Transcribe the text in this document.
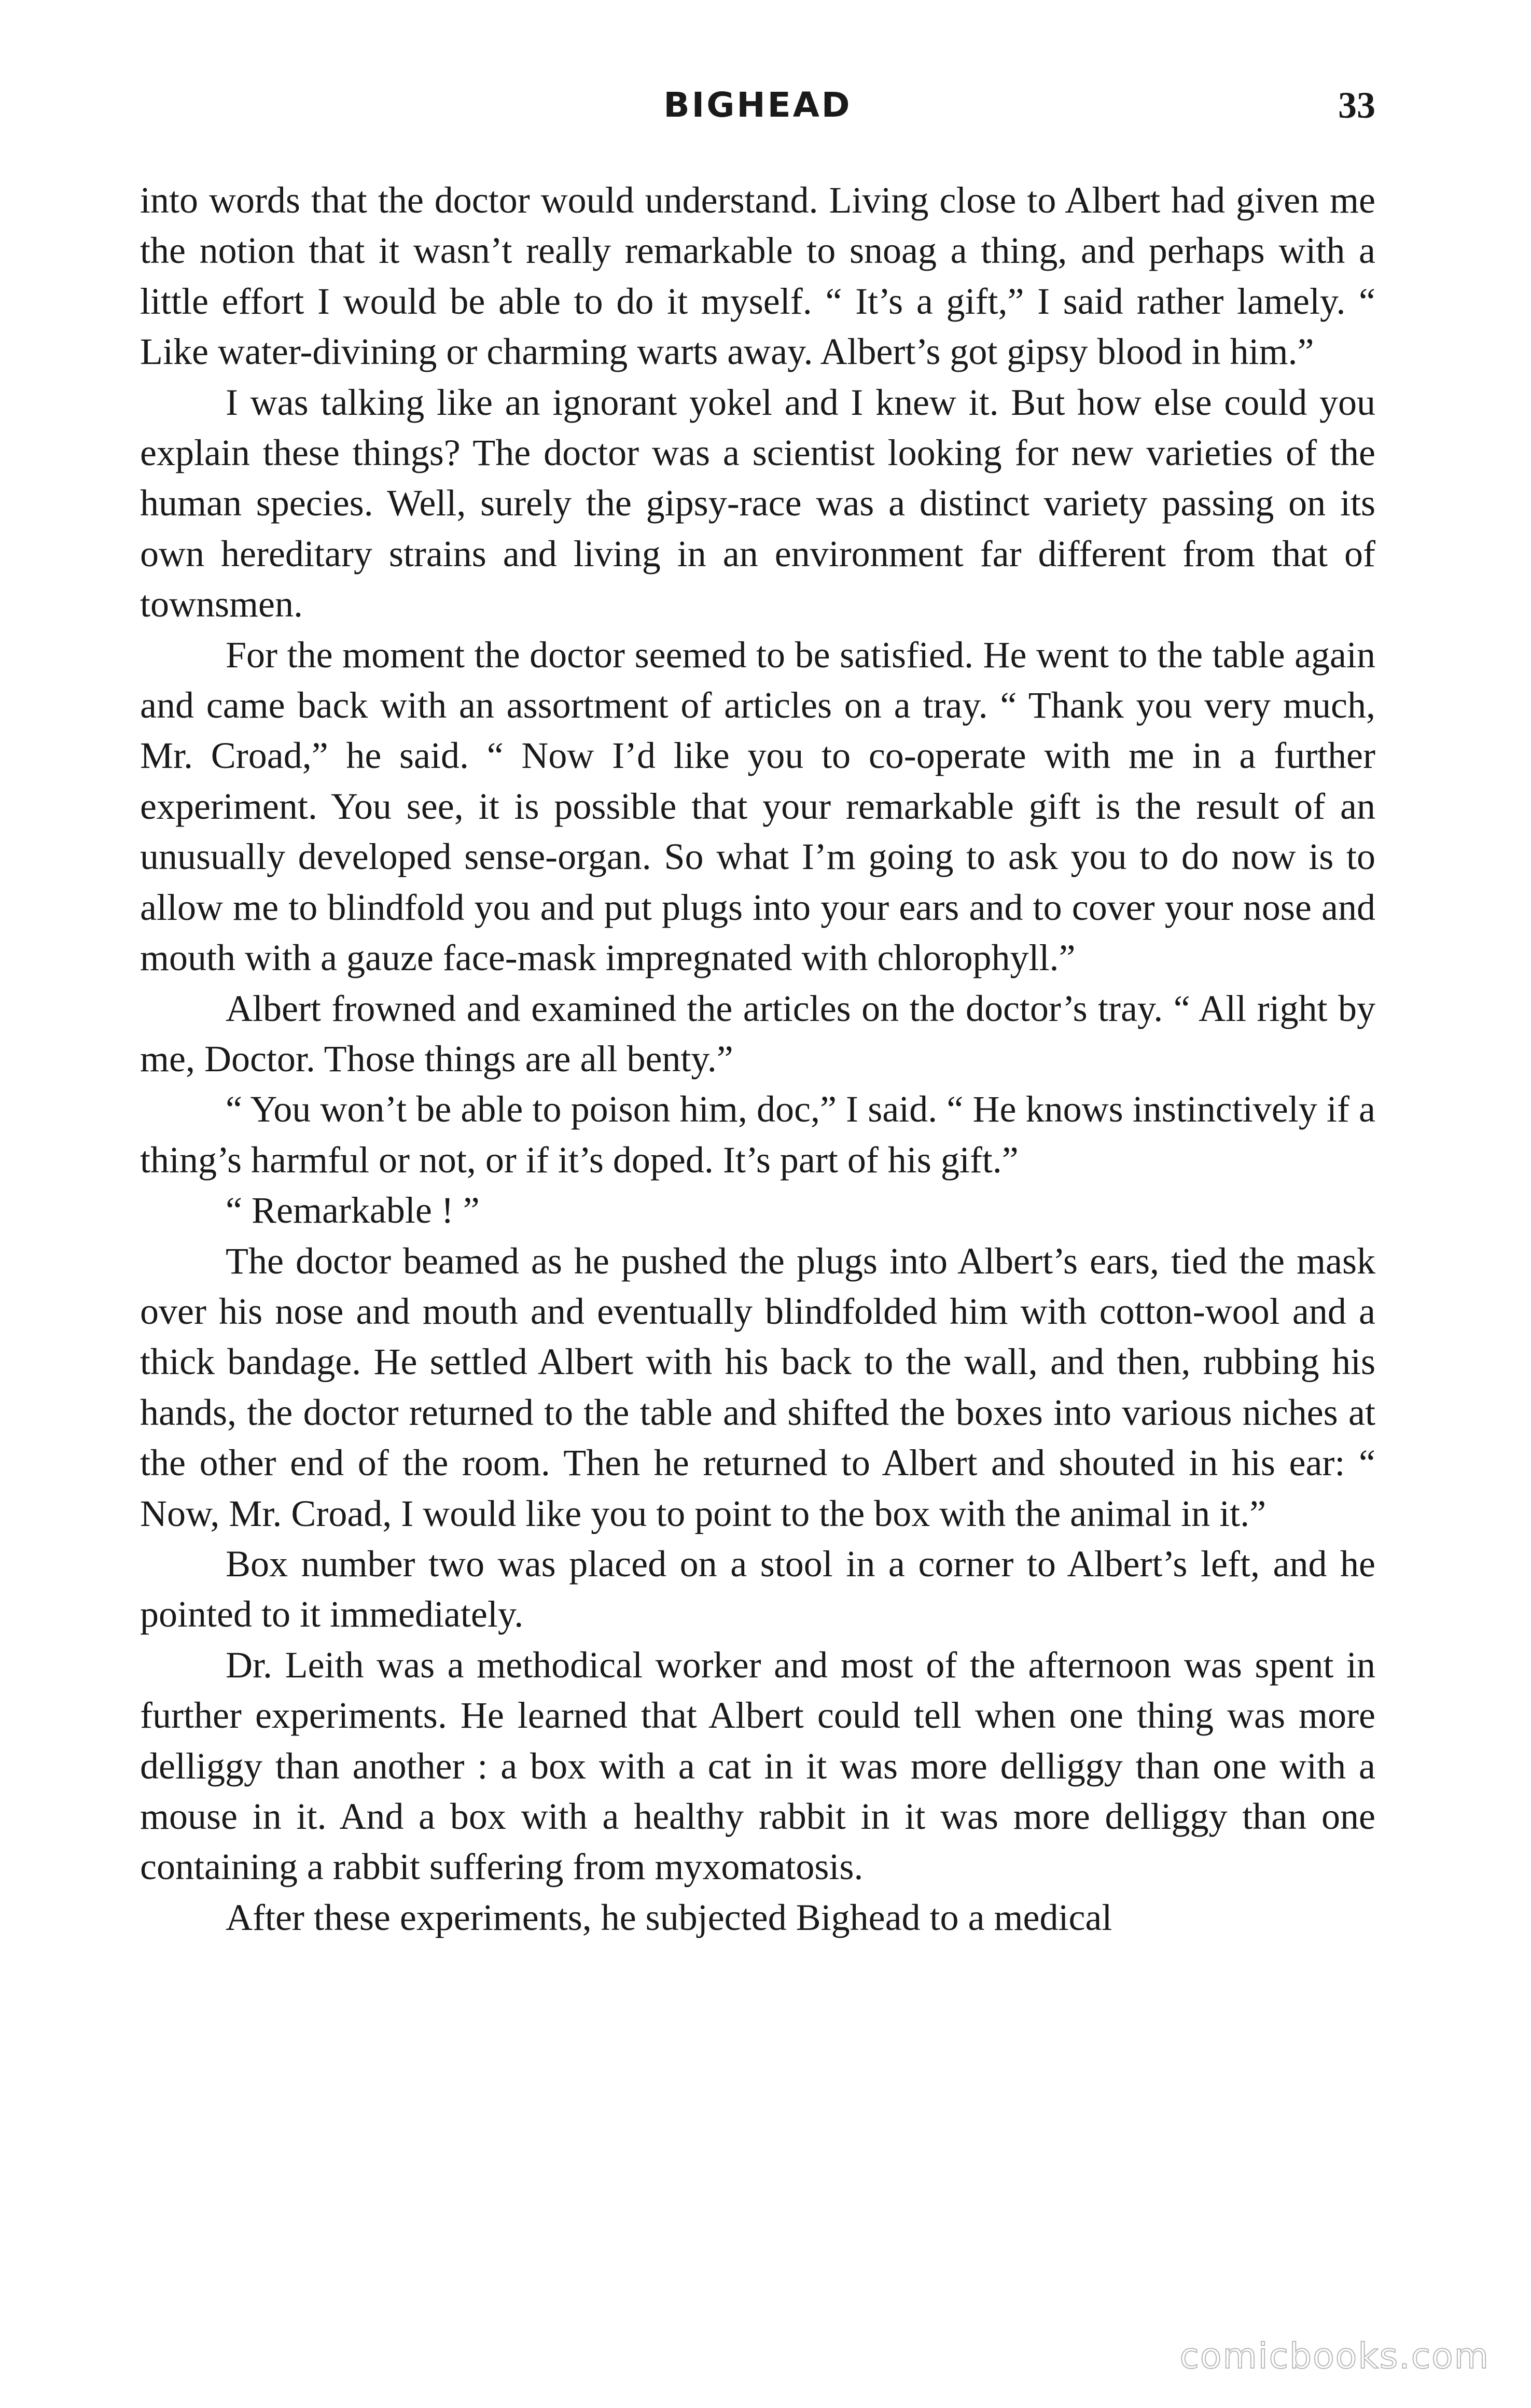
BIGHEAD	33

into words that the doctor would understand. Living close to Albert had given me the notion that it wasn’t really remarkable to snoag a thing, and perhaps with a little effort I would be able to do it myself. “ It’s a gift,” I said rather lamely. “ Like water-divining or charming warts away. Albert’s got gipsy blood in him.”

I was talking like an ignorant yokel and I knew it. But how else could you explain these things? The doctor was a scientist looking for new varieties of the human species. Well, surely the gipsy-race was a distinct variety passing on its own hereditary strains and living in an environment far different from that of townsmen.

For the moment the doctor seemed to be satisfied. He went to the table again and came back with an assortment of articles on a tray. “ Thank you very much, Mr. Croad,” he said. “ Now I’d like you to co-operate with me in a further experiment. You see, it is possible that your remarkable gift is the result of an unusually developed sense-organ. So what I’m going to ask you to do now is to allow me to blindfold you and put plugs into your ears and to cover your nose and mouth with a gauze face-mask impregnated with chlorophyll.”

Albert frowned and examined the articles on the doctor’s tray. “ All right by me, Doctor. Those things are all benty.”

“ You won’t be able to poison him, doc,” I said. “ He knows instinctively if a thing’s harmful or not, or if it’s doped. It’s part of his gift.”

“ Remarkable ! ”

The doctor beamed as he pushed the plugs into Albert’s ears, tied the mask over his nose and mouth and eventually blindfolded him with cotton-wool and a thick bandage. He settled Albert with his back to the wall, and then, rubbing his hands, the doctor returned to the table and shifted the boxes into various niches at the other end of the room. Then he returned to Albert and shouted in his ear: “ Now, Mr. Croad, I would like you to point to the box with the animal in it.”

Box number two was placed on a stool in a corner to Albert’s left, and he pointed to it immediately.

Dr. Leith was a methodical worker and most of the afternoon was spent in further experiments. He learned that Albert could tell when one thing was more delliggy than another : a box with a cat in it was more delliggy than one with a mouse in it. And a box with a healthy rabbit in it was more delliggy than one containing a rabbit suffering from myxomatosis.

After these experiments, he subjected Bighead to a medical

comicbooks.com
